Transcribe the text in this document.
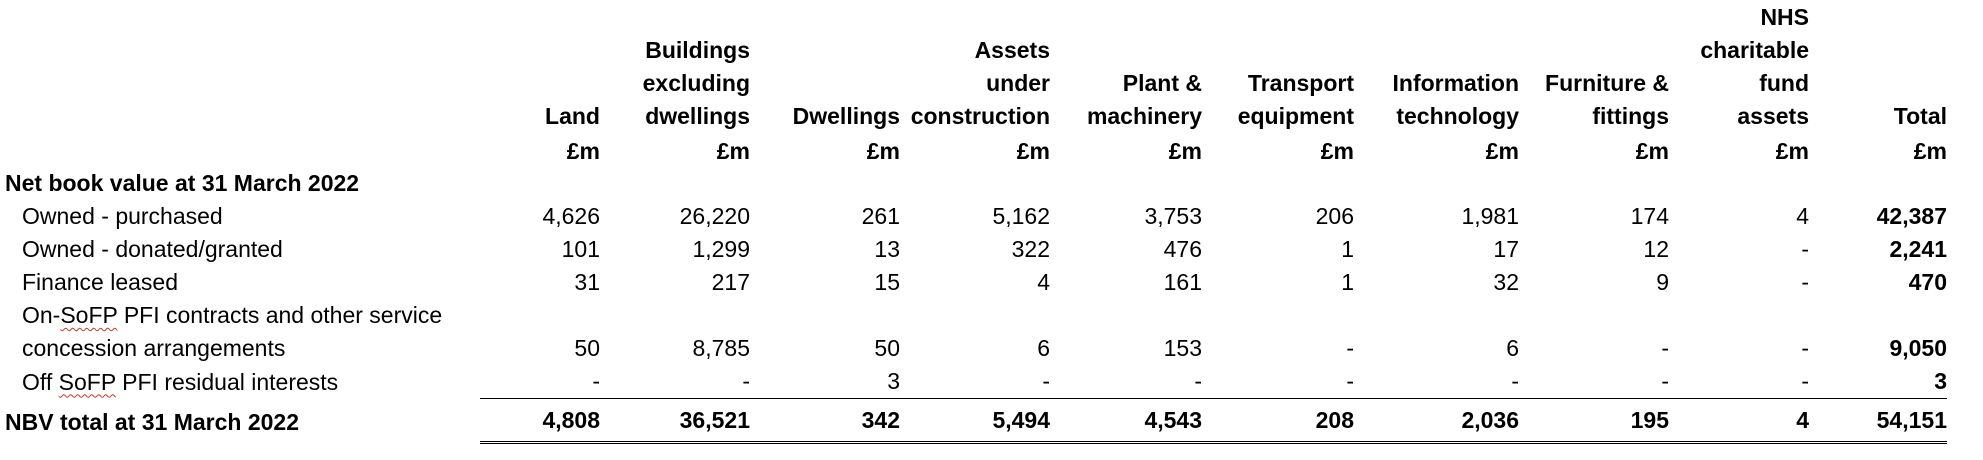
									NHS	
		Buildings		Assets					charitable	
		excluding		under	Plant &	Transport	Information	Furniture &	fund	
	Land	dwellings	Dwellings	construction	machinery	equipment	technology	fittings	assets	Total
	£m	£m	£m	£m	£m	£m	£m	£m	£m	£m
Net book value at 31 March 2022										
Owned - purchased	4,626	26,220	261	5,162	3,753	206	1,981	174	4	42,387
Owned - donated/granted	101	1,299	13	322	476	1	17	12	-	2,241
Finance leased	31	217	15	4	161	1	32	9	-	470
On-SoFP PFI contracts and other service										
concession arrangements	50	8,785	50	6	153	-	6	-	-	9,050
Off SoFP PFI residual interests	-	-	3	-	-	-	-	-	-	3
NBV total at 31 March 2022	4,808	36,521	342	5,494	4,543	208	2,036	195	4	54,151
